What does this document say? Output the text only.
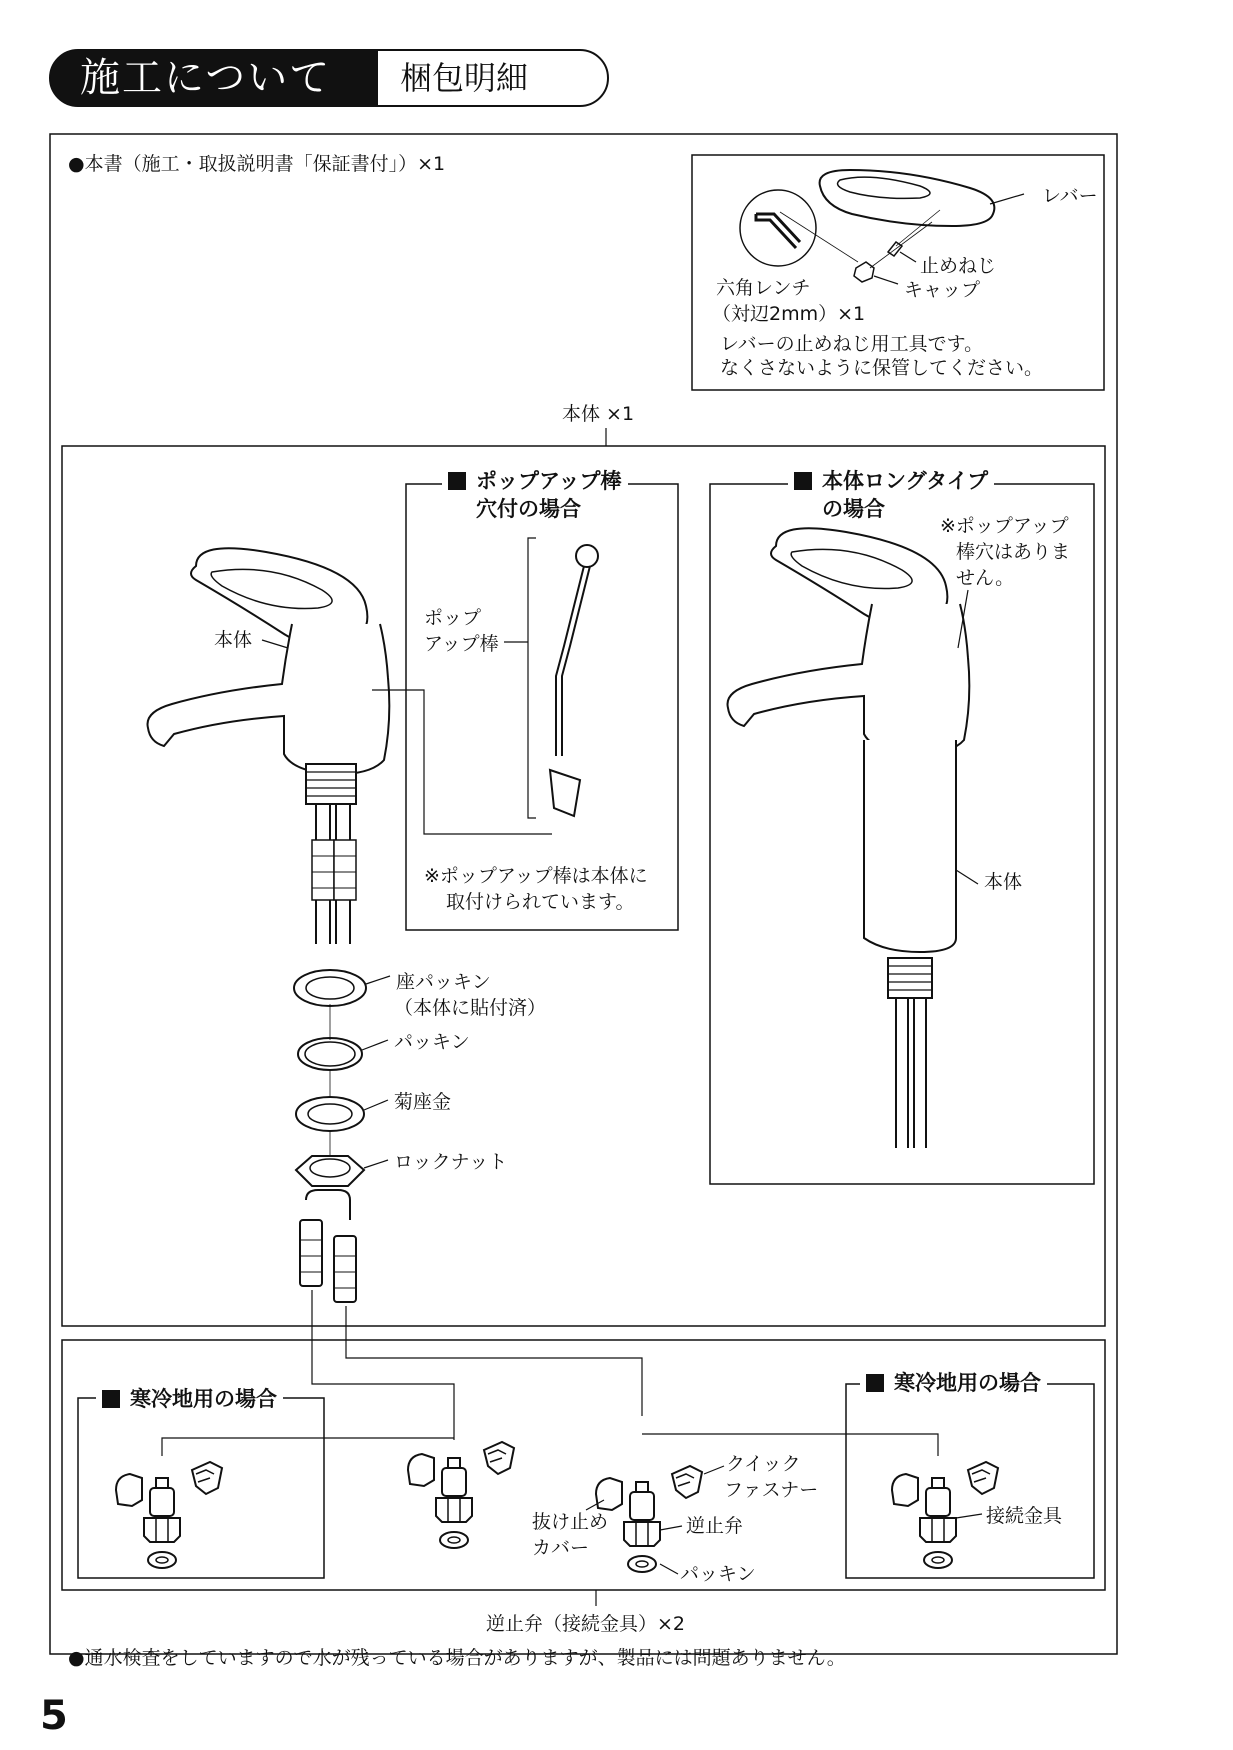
施工について 梱包明細
●本書（施工・取扱説明書「保証書付」）×1
レバー
止めねじ
キャップ
六角レンチ
（対辺2mm）×1
レバーの止めねじ用工具です。
なくさないように保管してください。
本体 ×1
本体
ポップアップ棒
穴付の場合
ポップ
アップ棒
※ポップアップ棒は本体に
取付けられています。
本体ロングタイプ
の場合
※ポップアップ
棒穴はありま
せん。
本体
座パッキン
（本体に貼付済）
パッキン
菊座金
ロックナット
寒冷地用の場合
寒冷地用の場合
クイック
ファスナー
抜け止め
カバー
逆止弁
パッキン
接続金具
逆止弁（接続金具）×2
●通水検査をしていますので水が残っている場合がありますが、製品には問題ありません。
5
